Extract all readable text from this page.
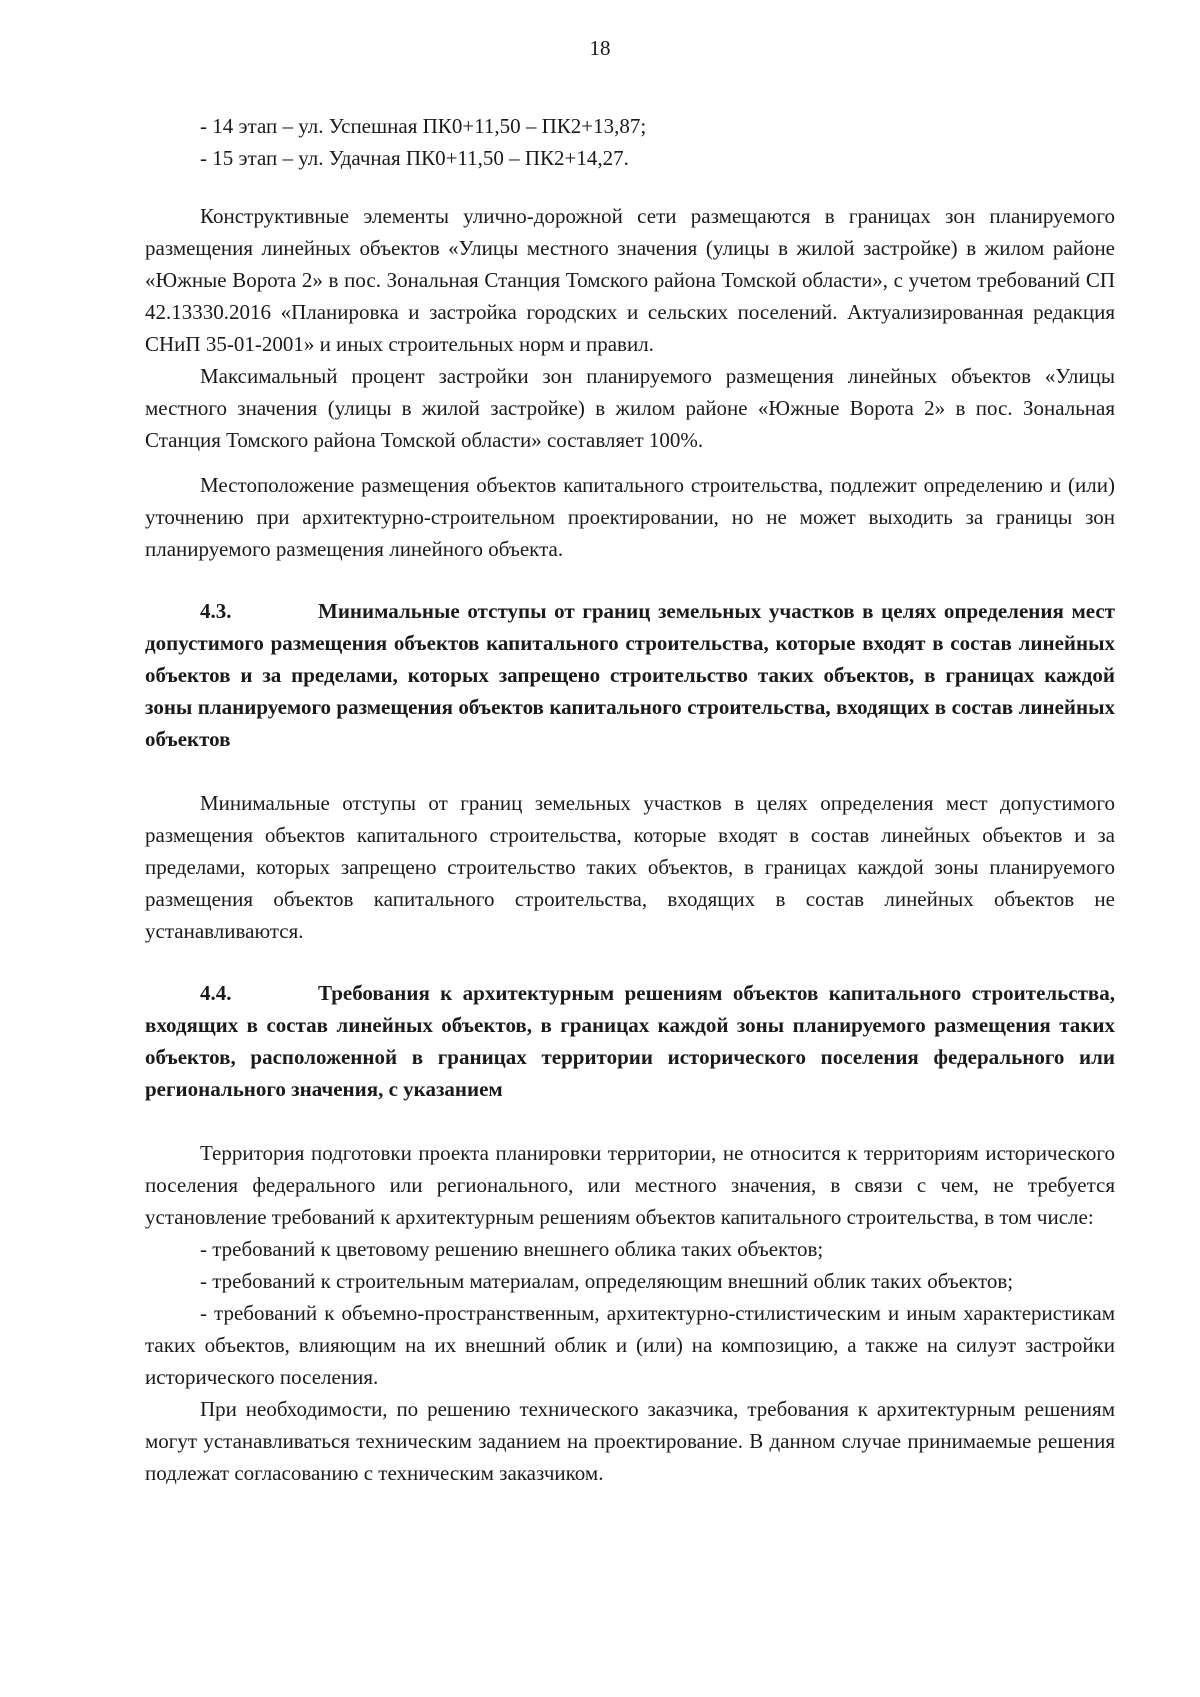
18

- 14 этап – ул. Успешная ПК0+11,50 – ПК2+13,87;

- 15 этап – ул. Удачная ПК0+11,50 – ПК2+14,27.

Конструктивные элементы улично-дорожной сети размещаются в границах зон планируемого размещения линейных объектов «Улицы местного значения (улицы в жилой застройке) в жилом районе «Южные Ворота 2» в пос. Зональная Станция Томского района Томской области», с учетом требований СП 42.13330.2016 «Планировка и застройка городских и сельских поселений. Актуализированная редакция СНиП 35-01-2001» и иных строительных норм и правил.

Максимальный процент застройки зон планируемого размещения линейных объектов «Улицы местного значения (улицы в жилой застройке) в жилом районе «Южные Ворота 2» в пос. Зональная Станция Томского района Томской области» составляет 100%.

Местоположение размещения объектов капитального строительства, подлежит определению и (или) уточнению при архитектурно-строительном проектировании, но не может выходить за границы зон планируемого размещения линейного объекта.

4.3.	Минимальные отступы от границ земельных участков в целях определения мест допустимого размещения объектов капитального строительства, которые входят в состав линейных объектов и за пределами, которых запрещено строительство таких объектов, в границах каждой зоны планируемого размещения объектов капитального строительства, входящих в состав линейных объектов

Минимальные отступы от границ земельных участков в целях определения мест допустимого размещения объектов капитального строительства, которые входят в состав линейных объектов и за пределами, которых запрещено строительство таких объектов, в границах каждой зоны планируемого размещения объектов капитального строительства, входящих в состав линейных объектов не устанавливаются.

4.4.	Требования к архитектурным решениям объектов капитального строительства, входящих в состав линейных объектов, в границах каждой зоны планируемого размещения таких объектов, расположенной в границах территории исторического поселения федерального или регионального значения, с указанием

Территория подготовки проекта планировки территории, не относится к территориям исторического поселения федерального или регионального, или местного значения, в связи с чем, не требуется установление требований к архитектурным решениям объектов капитального строительства, в том числе:

- требований к цветовому решению внешнего облика таких объектов;

- требований к строительным материалам, определяющим внешний облик таких объектов;

- требований к объемно-пространственным, архитектурно-стилистическим и иным характеристикам таких объектов, влияющим на их внешний облик и (или) на композицию, а также на силуэт застройки исторического поселения.

При необходимости, по решению технического заказчика, требования к архитектурным решениям могут устанавливаться техническим заданием на проектирование. В данном случае принимаемые решения подлежат согласованию с техническим заказчиком.
